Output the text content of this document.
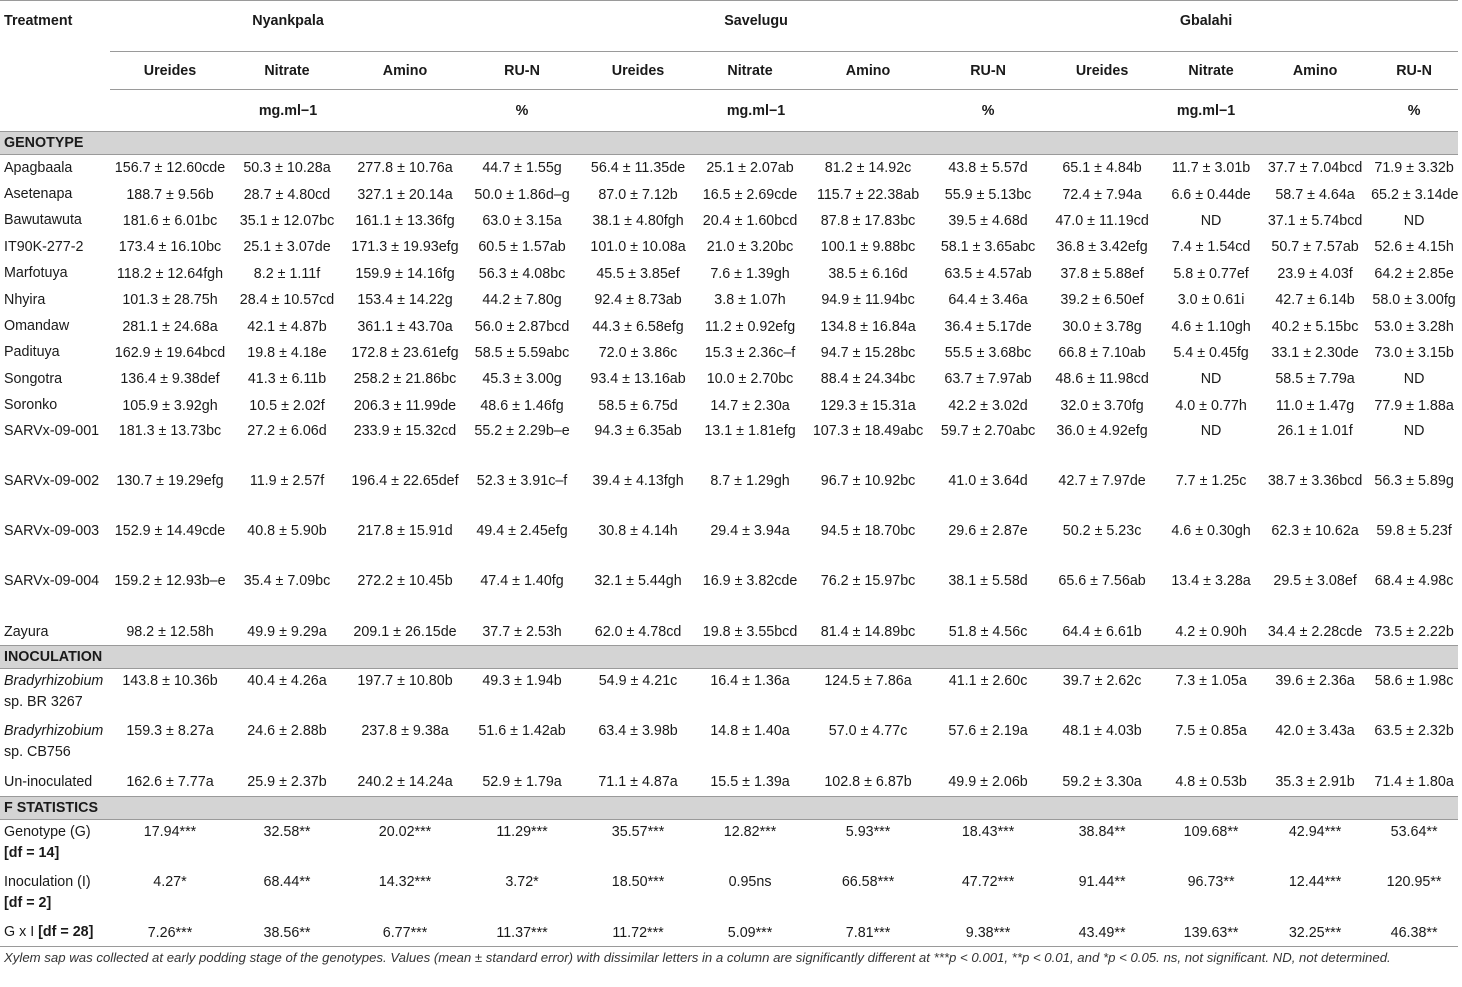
Treatment	Nyankpala				Savelugu				Gbalahi			
	Ureides	Nitrate	Amino	RU-N	Ureides	Nitrate	Amino	RU-N	Ureides	Nitrate	Amino	RU-N
	mg.ml−1			%	mg.ml−1			%	mg.ml−1			%
GENOTYPE												
Apagbaala	156.7 ± 12.60cde	50.3 ± 10.28a	277.8 ± 10.76a	44.7 ± 1.55g	56.4 ± 11.35de	25.1 ± 2.07ab	81.2 ± 14.92c	43.8 ± 5.57d	65.1 ± 4.84b	11.7 ± 3.01b	37.7 ± 7.04bcd	71.9 ± 3.32b
Asetenapa	188.7 ± 9.56b	28.7 ± 4.80cd	327.1 ± 20.14a	50.0 ± 1.86d–g	87.0 ± 7.12b	16.5 ± 2.69cde	115.7 ± 22.38ab	55.9 ± 5.13bc	72.4 ± 7.94a	6.6 ± 0.44de	58.7 ± 4.64a	65.2 ± 3.14de
Bawutawuta	181.6 ± 6.01bc	35.1 ± 12.07bc	161.1 ± 13.36fg	63.0 ± 3.15a	38.1 ± 4.80fgh	20.4 ± 1.60bcd	87.8 ± 17.83bc	39.5 ± 4.68d	47.0 ± 11.19cd	ND	37.1 ± 5.74bcd	ND
IT90K-277-2	173.4 ± 16.10bc	25.1 ± 3.07de	171.3 ± 19.93efg	60.5 ± 1.57ab	101.0 ± 10.08a	21.0 ± 3.20bc	100.1 ± 9.88bc	58.1 ± 3.65abc	36.8 ± 3.42efg	7.4 ± 1.54cd	50.7 ± 7.57ab	52.6 ± 4.15h
Marfotuya	118.2 ± 12.64fgh	8.2 ± 1.11f	159.9 ± 14.16fg	56.3 ± 4.08bc	45.5 ± 3.85ef	7.6 ± 1.39gh	38.5 ± 6.16d	63.5 ± 4.57ab	37.8 ± 5.88ef	5.8 ± 0.77ef	23.9 ± 4.03f	64.2 ± 2.85e
Nhyira	101.3 ± 28.75h	28.4 ± 10.57cd	153.4 ± 14.22g	44.2 ± 7.80g	92.4 ± 8.73ab	3.8 ± 1.07h	94.9 ± 11.94bc	64.4 ± 3.46a	39.2 ± 6.50ef	3.0 ± 0.61i	42.7 ± 6.14b	58.0 ± 3.00fg
Omandaw	281.1 ± 24.68a	42.1 ± 4.87b	361.1 ± 43.70a	56.0 ± 2.87bcd	44.3 ± 6.58efg	11.2 ± 0.92efg	134.8 ± 16.84a	36.4 ± 5.17de	30.0 ± 3.78g	4.6 ± 1.10gh	40.2 ± 5.15bc	53.0 ± 3.28h
Padituya	162.9 ± 19.64bcd	19.8 ± 4.18e	172.8 ± 23.61efg	58.5 ± 5.59abc	72.0 ± 3.86c	15.3 ± 2.36c–f	94.7 ± 15.28bc	55.5 ± 3.68bc	66.8 ± 7.10ab	5.4 ± 0.45fg	33.1 ± 2.30de	73.0 ± 3.15b
Songotra	136.4 ± 9.38def	41.3 ± 6.11b	258.2 ± 21.86bc	45.3 ± 3.00g	93.4 ± 13.16ab	10.0 ± 2.70bc	88.4 ± 24.34bc	63.7 ± 7.97ab	48.6 ± 11.98cd	ND	58.5 ± 7.79a	ND
Soronko	105.9 ± 3.92gh	10.5 ± 2.02f	206.3 ± 11.99de	48.6 ± 1.46fg	58.5 ± 6.75d	14.7 ± 2.30a	129.3 ± 15.31a	42.2 ± 3.02d	32.0 ± 3.70fg	4.0 ± 0.77h	11.0 ± 1.47g	77.9 ± 1.88a
SARVx-09-001	181.3 ± 13.73bc	27.2 ± 6.06d	233.9 ± 15.32cd	55.2 ± 2.29b–e	94.3 ± 6.35ab	13.1 ± 1.81efg	107.3 ± 18.49abc	59.7 ± 2.70abc	36.0 ± 4.92efg	ND	26.1 ± 1.01f	ND
SARVx-09-002	130.7 ± 19.29efg	11.9 ± 2.57f	196.4 ± 22.65def	52.3 ± 3.91c–f	39.4 ± 4.13fgh	8.7 ± 1.29gh	96.7 ± 10.92bc	41.0 ± 3.64d	42.7 ± 7.97de	7.7 ± 1.25c	38.7 ± 3.36bcd	56.3 ± 5.89g
SARVx-09-003	152.9 ± 14.49cde	40.8 ± 5.90b	217.8 ± 15.91d	49.4 ± 2.45efg	30.8 ± 4.14h	29.4 ± 3.94a	94.5 ± 18.70bc	29.6 ± 2.87e	50.2 ± 5.23c	4.6 ± 0.30gh	62.3 ± 10.62a	59.8 ± 5.23f
SARVx-09-004	159.2 ± 12.93b–e	35.4 ± 7.09bc	272.2 ± 10.45b	47.4 ± 1.40fg	32.1 ± 5.44gh	16.9 ± 3.82cde	76.2 ± 15.97bc	38.1 ± 5.58d	65.6 ± 7.56ab	13.4 ± 3.28a	29.5 ± 3.08ef	68.4 ± 4.98c
Zayura	98.2 ± 12.58h	49.9 ± 9.29a	209.1 ± 26.15de	37.7 ± 2.53h	62.0 ± 4.78cd	19.8 ± 3.55bcd	81.4 ± 14.89bc	51.8 ± 4.56c	64.4 ± 6.61b	4.2 ± 0.90h	34.4 ± 2.28cde	73.5 ± 2.22b
INOCULATION												
Bradyrhizobium
sp. BR 3267	143.8 ± 10.36b	40.4 ± 4.26a	197.7 ± 10.80b	49.3 ± 1.94b	54.9 ± 4.21c	16.4 ± 1.36a	124.5 ± 7.86a	41.1 ± 2.60c	39.7 ± 2.62c	7.3 ± 1.05a	39.6 ± 2.36a	58.6 ± 1.98c
Bradyrhizobium
sp. CB756	159.3 ± 8.27a	24.6 ± 2.88b	237.8 ± 9.38a	51.6 ± 1.42ab	63.4 ± 3.98b	14.8 ± 1.40a	57.0 ± 4.77c	57.6 ± 2.19a	48.1 ± 4.03b	7.5 ± 0.85a	42.0 ± 3.43a	63.5 ± 2.32b
Un-inoculated	162.6 ± 7.77a	25.9 ± 2.37b	240.2 ± 14.24a	52.9 ± 1.79a	71.1 ± 4.87a	15.5 ± 1.39a	102.8 ± 6.87b	49.9 ± 2.06b	59.2 ± 3.30a	4.8 ± 0.53b	35.3 ± 2.91b	71.4 ± 1.80a
F STATISTICS												
Genotype (G)
[df = 14]	17.94***	32.58**	20.02***	11.29***	35.57***	12.82***	5.93***	18.43***	38.84**	109.68**	42.94***	53.64**
Inoculation (I)
[df = 2]	4.27*	68.44**	14.32***	3.72*	18.50***	0.95ns	66.58***	47.72***	91.44**	96.73**	12.44***	120.95**
G x I [df = 28]	7.26***	38.56**	6.77***	11.37***	11.72***	5.09***	7.81***	9.38***	43.49**	139.63**	32.25***	46.38**
Xylem sap was collected at early podding stage of the genotypes. Values (mean ± standard error) with dissimilar letters in a column are significantly different at ***p < 0.001, **p < 0.01, and *p < 0.05. ns, not significant. ND, not determined.
